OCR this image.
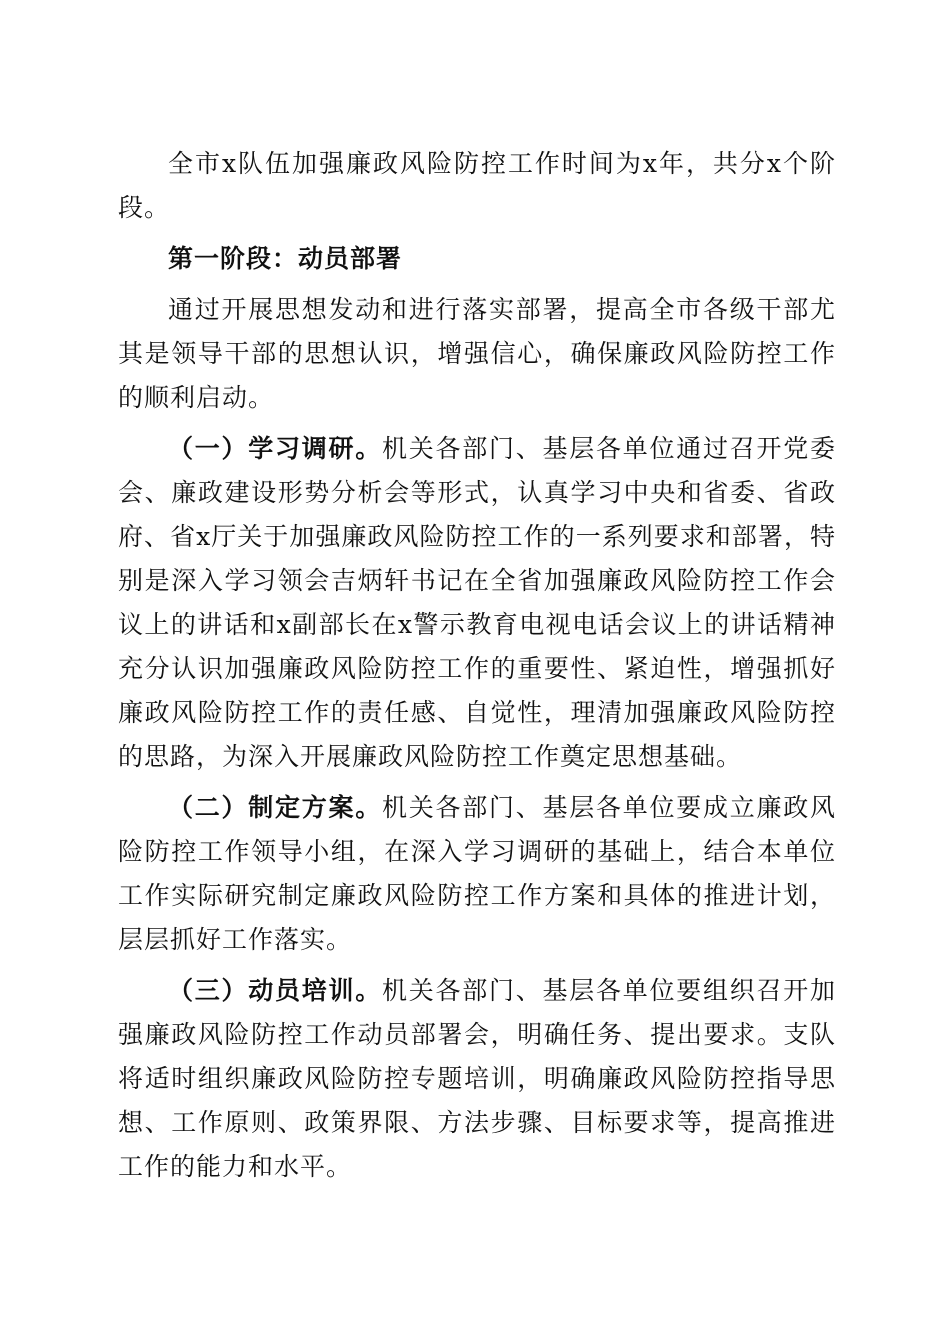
全市x队伍加强廉政风险防控工作时间为x年，共分x个阶段。

第一阶段：动员部署

通过开展思想发动和进行落实部署，提高全市各级干部尤其是领导干部的思想认识，增强信心，确保廉政风险防控工作的顺利启动。

（一）学习调研。机关各部门、基层各单位通过召开党委会、廉政建设形势分析会等形式，认真学习中央和省委、省政府、省x厅关于加强廉政风险防控工作的一系列要求和部署，特别是深入学习领会吉炳轩书记在全省加强廉政风险防控工作会议上的讲话和x副部长在x警示教育电视电话会议上的讲话精神充分认识加强廉政风险防控工作的重要性、紧迫性，增强抓好廉政风险防控工作的责任感、自觉性，理清加强廉政风险防控的思路，为深入开展廉政风险防控工作奠定思想基础。

（二）制定方案。机关各部门、基层各单位要成立廉政风险防控工作领导小组，在深入学习调研的基础上，结合本单位工作实际研究制定廉政风险防控工作方案和具体的推进计划，层层抓好工作落实。

（三）动员培训。机关各部门、基层各单位要组织召开加强廉政风险防控工作动员部署会，明确任务、提出要求。支队将适时组织廉政风险防控专题培训，明确廉政风险防控指导思想、工作原则、政策界限、方法步骤、目标要求等，提高推进工作的能力和水平。
